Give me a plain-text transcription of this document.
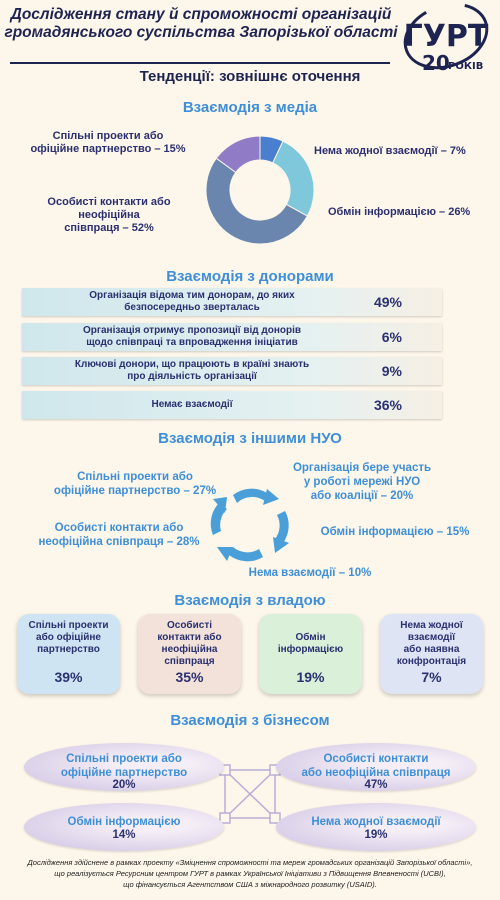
Дослідження стану й спроможності організацій
громадянського суспільства Запорізької області ГУРТ
20
РОКІВ
Тенденції: зовнішнє оточення
Взаємодія з медіа
Нема жодної взаємодії – 7%
Обмін інформацією – 26%
Особисті контакти або
неофіційна
співпраця – 52%
Спільні проекти або
офіційне партнерство – 15%
Взаємодія з донорами
Організація відома тим донорам, до яких
безпосередньо зверталась	49%
Організація отримує пропозиції від донорів
щодо співпраці та впровадження ініціатив	6%
Ключові донори, що працюють в країні знають
про діяльність організації	9%
Немає взаємодії	36%
Взаємодія з іншими НУО
Спільні проекти або
офіційне партнерство – 27%
Організація бере участь
у роботі мережі НУО
або коаліції – 20%
Особисті контакти або
неофіційна співпраця – 28%
Обмін інформацією – 15%
Нема взаємодії – 10%
Взаємодія з владою
Спільні проекти
або офіційне
партнерство
39%
Особисті
контакти або
неофіційна
співпраця
35%
Обмін
інформацією
19%
Нема жодної
взаємодії
або наявна
конфронтація
7%
Взаємодія з бізнесом
Спільні проекти або
офіційне партнерство
20%
Особисті контакти
або неофіційна співпраця
47%
Обмін інформацією
14%
Нема жодної взаємодії
19%
Дослідження здійснене в рамках проекту «Зміцнення спроможності та мереж громадських організацій Запорізької області»,
що реалізується Ресурсним центром ГУРТ в рамках Української Ініціативи з Підвищення Впевненості (UCBI),
що фінансується Агентством США з міжнародного розвитку (USAID).
